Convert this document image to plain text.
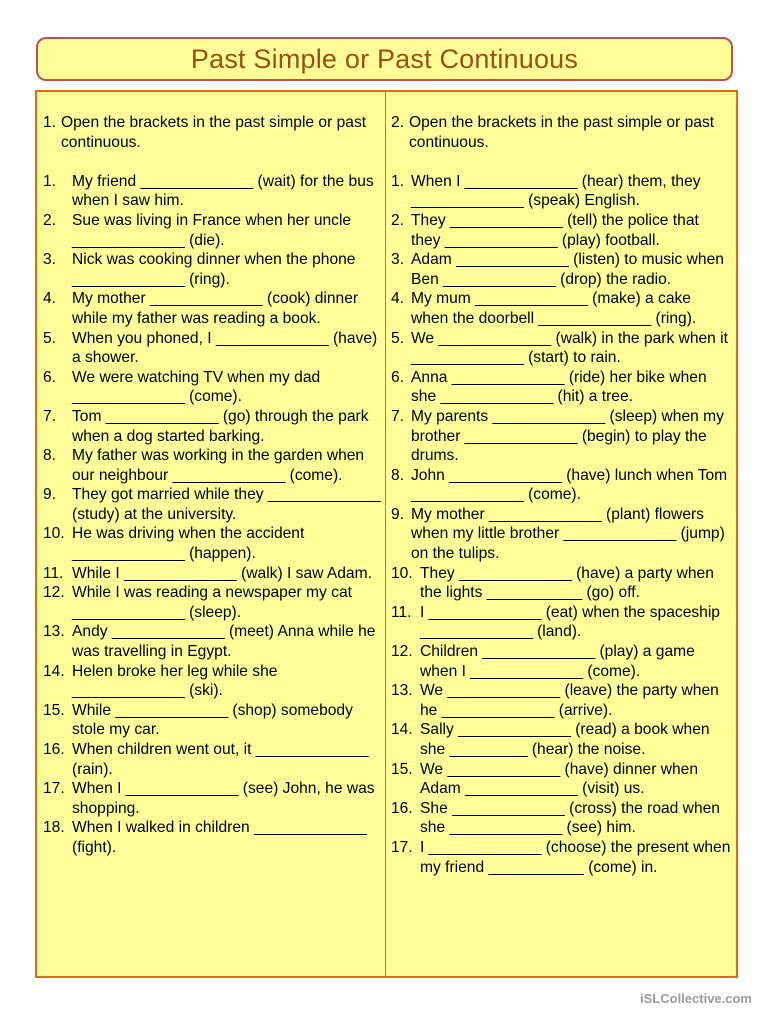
Past Simple or Past Continuous
1. Open the brackets in the past simple or past continuous.
1.	My friend _____________ (wait) for the bus when I saw him.
2.	Sue was living in France when her uncle _____________ (die).
3.	Nick was cooking dinner when the phone _____________ (ring).
4.	My mother _____________ (cook) dinner while my father was reading a book.
5.	When you phoned, I _____________ (have) a shower.
6.	We were watching TV when my dad _____________ (come).
7.	Tom _____________ (go) through the park when a dog started barking.
8.	My father was working in the garden when our neighbour _____________ (come).
9.	They got married while they _____________ (study) at the university.
10. He was driving when the accident _____________ (happen).
11. While I _____________ (walk) I saw Adam.
12. While I was reading a newspaper my cat _____________ (sleep).
13. Andy _____________ (meet) Anna while he was travelling in Egypt.
14. Helen broke her leg while she _____________ (ski).
15. While _____________ (shop) somebody stole my car.
16. When children went out, it _____________ (rain).
17. When I _____________ (see) John, he was shopping.
18. When I walked in children _____________ (fight).
2. Open the brackets in the past simple or past continuous.
1. When I _____________ (hear) them, they _____________ (speak) English.
2. They _____________ (tell) the police that they _____________ (play) football.
3. Adam _____________ (listen) to music when Ben _____________ (drop) the radio.
4. My mum _____________ (make) a cake when the doorbell _____________ (ring).
5. We _____________ (walk) in the park when it _____________ (start) to rain.
6. Anna _____________ (ride) her bike when she _____________ (hit) a tree.
7. My parents _____________ (sleep) when my brother _____________ (begin) to play the drums.
8. John _____________ (have) lunch when Tom _____________ (come).
9. My mother _____________ (plant) flowers when my little brother _____________ (jump) on the tulips.
10. They _____________ (have) a party when the lights ___________ (go) off.
11. I _____________ (eat) when the spaceship _____________ (land).
12. Children _____________ (play) a game when I _____________ (come).
13. We _____________ (leave) the party when he _____________ (arrive).
14. Sally _____________ (read) a book when she _________ (hear) the noise.
15. We _____________ (have) dinner when Adam _____________ (visit) us.
16. She _____________ (cross) the road when she _____________ (see) him.
17. I _____________ (choose) the present when my friend ___________ (come) in.
iSLCollective.com
